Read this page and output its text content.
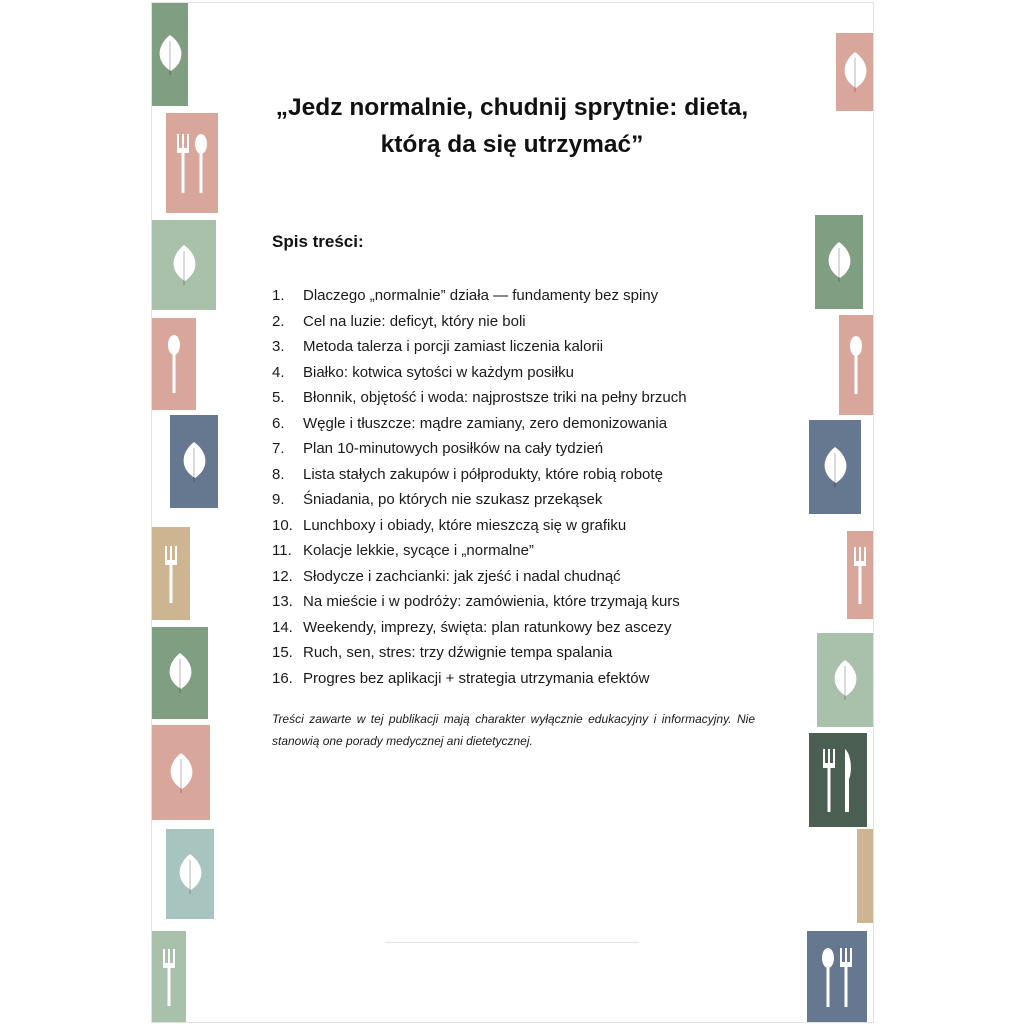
„Jedz normalnie, chudnij sprytnie: dieta,
którą da się utrzymać”
Spis treści:
1.	Dlaczego „normalnie” działa — fundamenty bez spiny
2.	Cel na luzie: deficyt, który nie boli
3.	Metoda talerza i porcji zamiast liczenia kalorii
4.	Białko: kotwica sytości w każdym posiłku
5.	Błonnik, objętość i woda: najprostsze triki na pełny brzuch
6.	Węgle i tłuszcze: mądre zamiany, zero demonizowania
7.	Plan 10-minutowych posiłków na cały tydzień
8.	Lista stałych zakupów i półprodukty, które robią robotę
9.	Śniadania, po których nie szukasz przekąsek
10. Lunchboxy i obiady, które mieszczą się w grafiku
11. Kolacje lekkie, sycące i „normalne”
12. Słodycze i zachcianki: jak zjeść i nadal chudnąć
13. Na mieście i w podróży: zamówienia, które trzymają kurs
14. Weekendy, imprezy, święta: plan ratunkowy bez ascezy
15. Ruch, sen, stres: trzy dźwignie tempa spalania
16. Progres bez aplikacji + strategia utrzymania efektów

Treści zawarte w tej publikacji mają charakter wyłącznie edukacyjny i informacyjny. Nie stanowią one porady medycznej ani dietetycznej.
